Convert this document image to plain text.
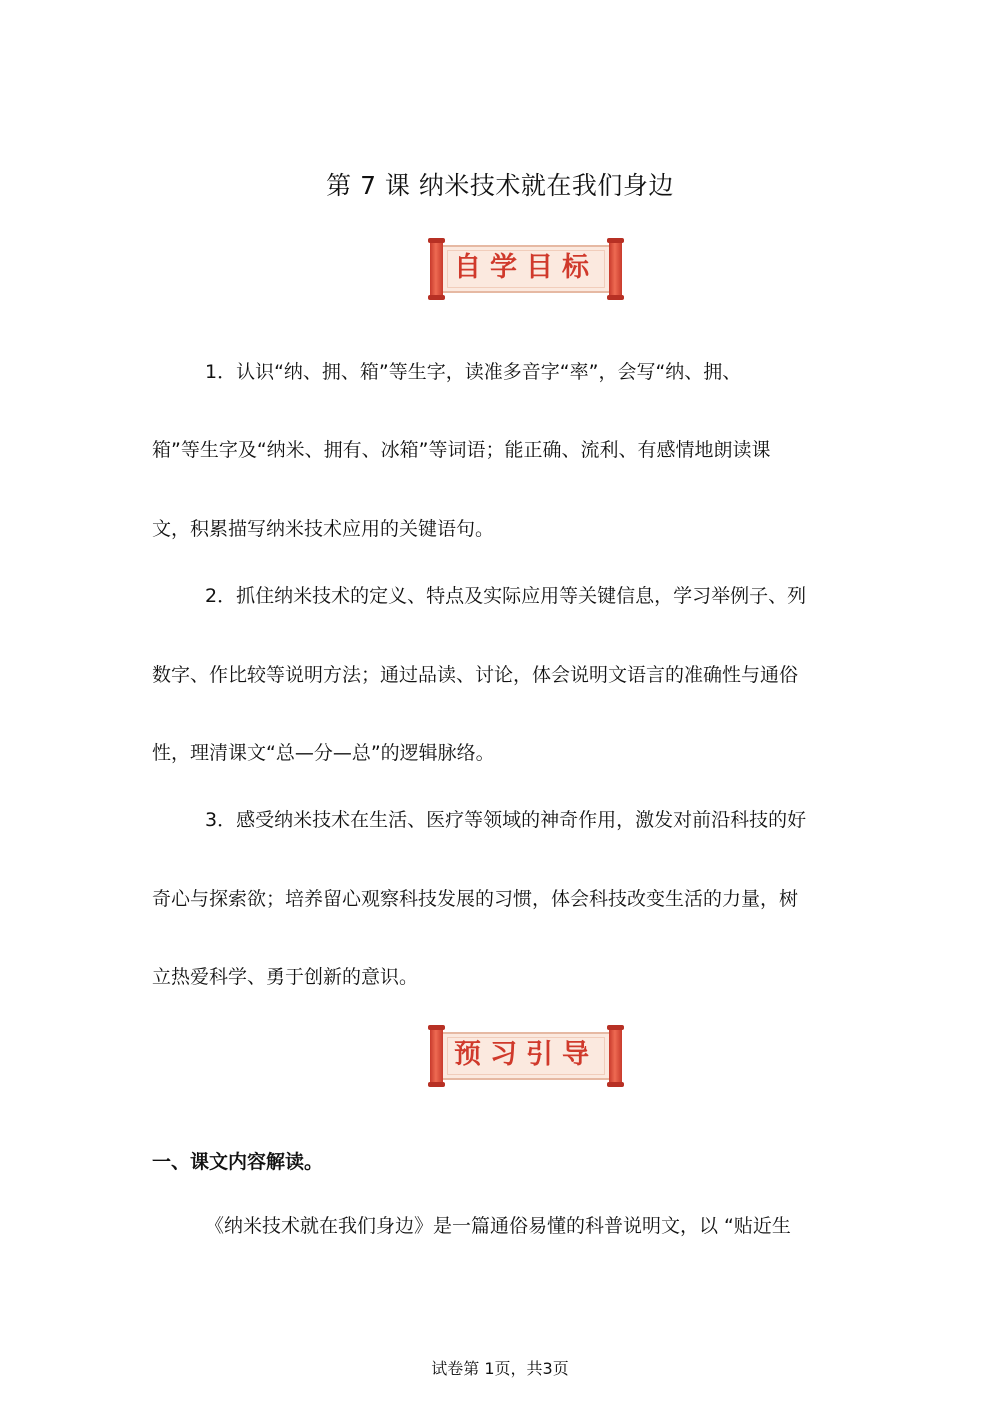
第 7 课 纳米技术就在我们身边
自学目标
1．认识“纳、拥、箱”等生字，读准多音字“率”，会写“纳、拥、
箱”等生字及“纳米、拥有、冰箱”等词语；能正确、流利、有感情地朗读课
文，积累描写纳米技术应用的关键语句。
2．抓住纳米技术的定义、特点及实际应用等关键信息，学习举例子、列
数字、作比较等说明方法；通过品读、讨论，体会说明文语言的准确性与通俗
性，理清课文“总—分—总”的逻辑脉络。
3．感受纳米技术在生活、医疗等领域的神奇作用，激发对前沿科技的好
奇心与探索欲；培养留心观察科技发展的习惯，体会科技改变生活的力量，树
立热爱科学、勇于创新的意识。
预习引导
一、课文内容解读。
《纳米技术就在我们身边》是一篇通俗易懂的科普说明文，以 “贴近生
试卷第 1页，共3页
